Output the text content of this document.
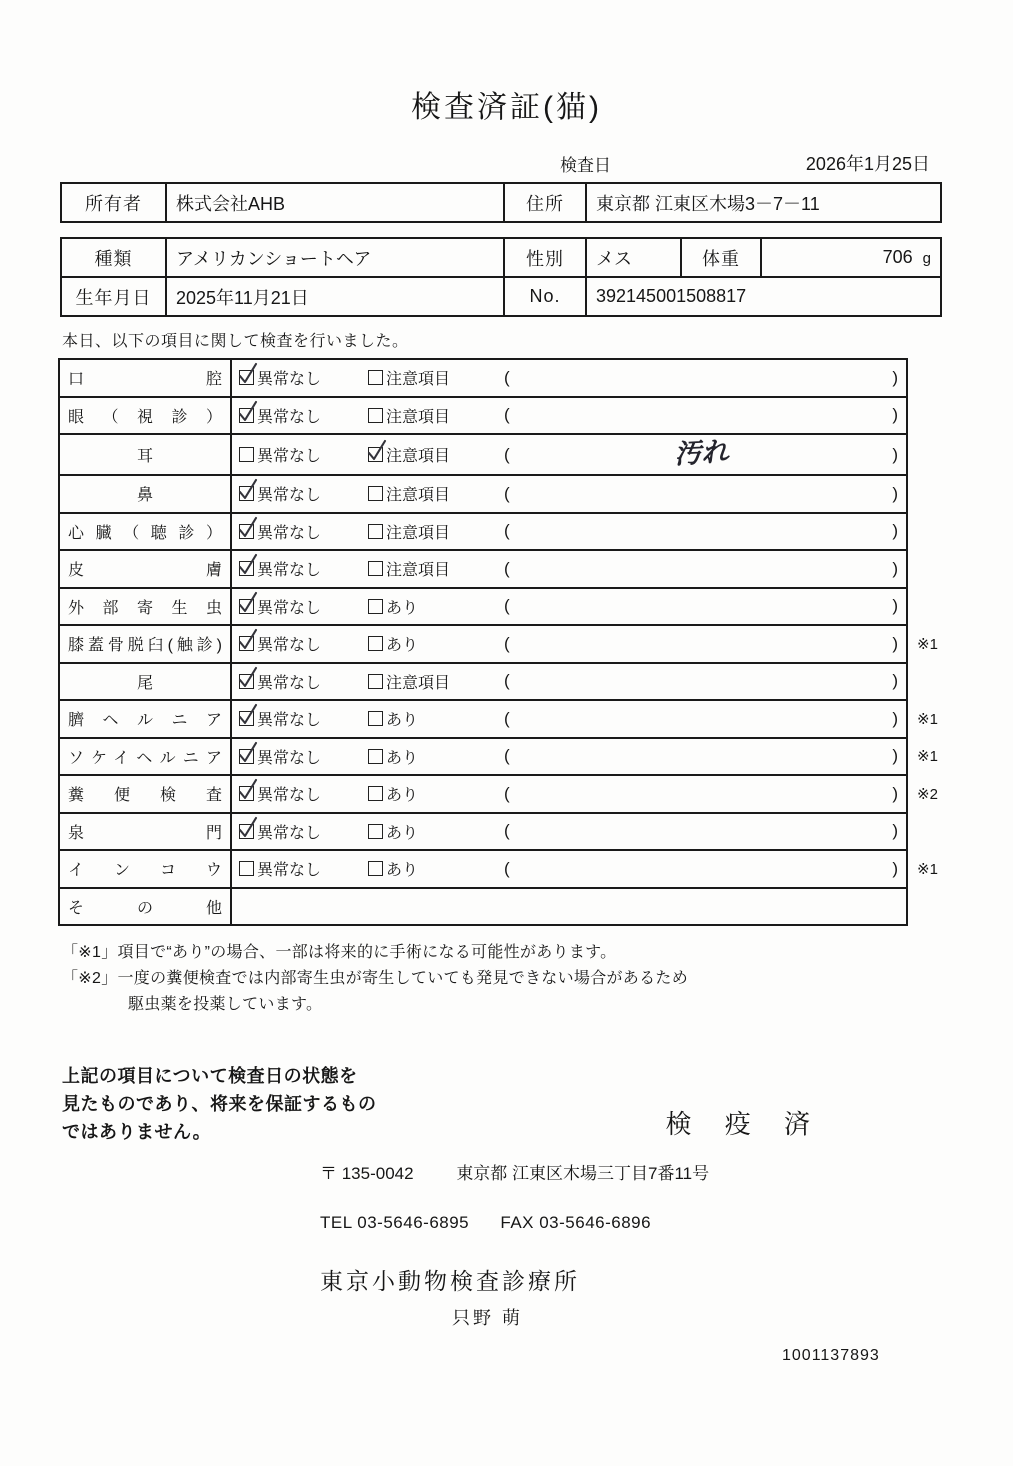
検査済証(猫)
検査日	2026年1月25日
所有者	株式会社AHB	住所	東京都 江東区木場3－7－11
種類	アメリカンショートヘア	性別	メス	体重	706 g
生年月日	2025年11月21日	No.	392145001508817		

本日、以下の項目に関して検査を行いました。

口腔	異常なし 注意項目 ( )	

眼（視診）	異常なし 注意項目 ( )	

耳	異常なし 注意項目 ( 汚れ )	

鼻	異常なし 注意項目 ( )	

心臓（聴診）	異常なし 注意項目 ( )	

皮膚	異常なし 注意項目 ( )	

外部寄生虫	異常なし あり ( )	

膝蓋骨脱臼(触診)	異常なし あり ( )	※1
尾	異常なし 注意項目 ( )	

臍ヘルニア	異常なし あり ( )	※1
ソケイヘルニア	異常なし あり ( )	※1
糞便検査	異常なし あり ( )	※2
泉門	異常なし あり ( )	

インコウ	異常なし あり ( )	※1
その他		
「※1」項目で“あり”の場合、一部は将来的に手術になる可能性があります。
「※2」一度の糞便検査では内部寄生虫が寄生していても発見できない場合があるため
駆虫薬を投薬しています。
上記の項目について検査日の状態を
見たものであり、将来を保証するもの
ではありません。	検 疫 済
〒 135-0042	東京都 江東区木場三丁目7番11号
TEL 03-5646-6895 FAX 03-5646-6896
東京小動物検査診療所
只野 萌
1001137893
